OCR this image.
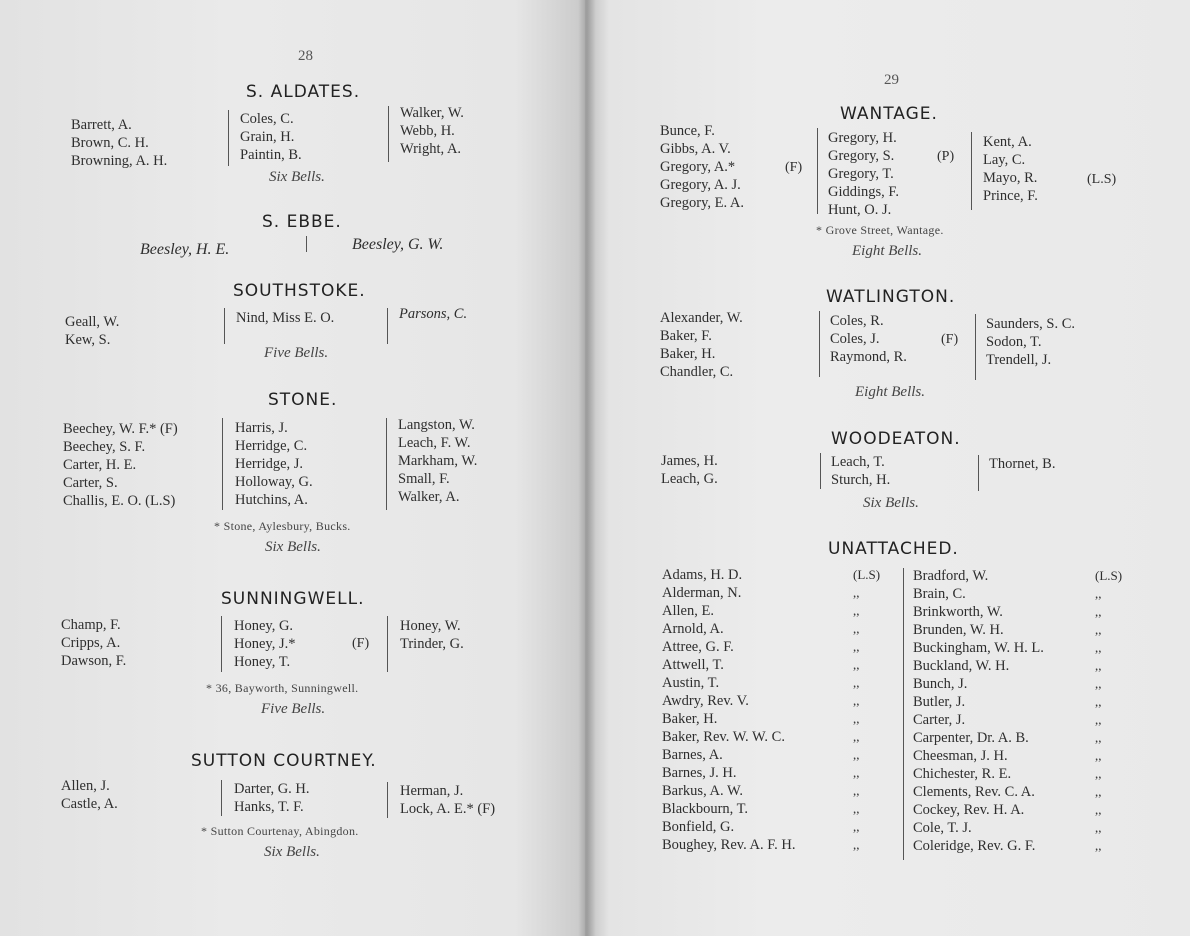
28
S. ALDATES.
Barrett, A.
Brown, C. H.
Browning, A. H.
Coles, C.
Grain, H.
Paintin, B.
Walker, W.
Webb, H.
Wright, A.
Six Bells.
S. EBBE.
Beesley, H. E.	Beesley, G. W.
SOUTHSTOKE.
Geall, W.
Kew, S.
Nind, Miss E. O.	Parsons, C.
Five Bells.
STONE.
Beechey, W. F.* (F)
Beechey, S. F.
Carter, H. E.
Carter, S.
Challis, E. O. (L.S)
Harris, J.
Herridge, C.
Herridge, J.
Holloway, G.
Hutchins, A.
Langston, W.
Leach, F. W.
Markham, W.
Small, F.
Walker, A.
* Stone, Aylesbury, Bucks.
Six Bells.
SUNNINGWELL.
Champ, F.
Cripps, A.
Dawson, F.
Honey, G.
Honey, J.*
Honey, T.
(F)
Honey, W.
Trinder, G.
* 36, Bayworth, Sunningwell.
Five Bells.
SUTTON COURTNEY.
Allen, J.
Castle, A.
Darter, G. H.
Hanks, T. F.
Herman, J.
Lock, A. E.* (F)
* Sutton Courtenay, Abingdon.
Six Bells.
29
WANTAGE.
Bunce, F.
Gibbs, A. V.
Gregory, A.*
Gregory, A. J.
Gregory, E. A.
(F)
Gregory, H.
Gregory, S.
Gregory, T.
Giddings, F.
Hunt, O. J.
(P)
Kent, A.
Lay, C.
Mayo, R.
Prince, F.
(L.S)
* Grove Street, Wantage.
Eight Bells.
WATLINGTON.
Alexander, W.
Baker, F.
Baker, H.
Chandler, C.
Coles, R.
Coles, J.
Raymond, R.
(F)
Saunders, S. C.
Sodon, T.
Trendell, J.
Eight Bells.
WOODEATON.
James, H.
Leach, G.
Leach, T.
Sturch, H.
Thornet, B.
Six Bells.
UNATTACHED.
Adams, H. D.
Alderman, N.
Allen, E.
Arnold, A.
Attree, G. F.
Attwell, T.
Austin, T.
Awdry, Rev. V.
Baker, H.
Baker, Rev. W. W. C.
Barnes, A.
Barnes, J. H.
Barkus, A. W.
Blackbourn, T.
Bonfield, G.
Boughey, Rev. A. F. H.
(L.S)
,,
,,
,,
,,
,,
,,
,,
,,
,,
,,
,,
,,
,,
,,
,,
Bradford, W.
Brain, C.
Brinkworth, W.
Brunden, W. H.
Buckingham, W. H. L.
Buckland, W. H.
Bunch, J.
Butler, J.
Carter, J.
Carpenter, Dr. A. B.
Cheesman, J. H.
Chichester, R. E.
Clements, Rev. C. A.
Cockey, Rev. H. A.
Cole, T. J.
Coleridge, Rev. G. F.
(L.S)
,,
,,
,,
,,
,,
,,
,,
,,
,,
,,
,,
,,
,,
,,
,,
